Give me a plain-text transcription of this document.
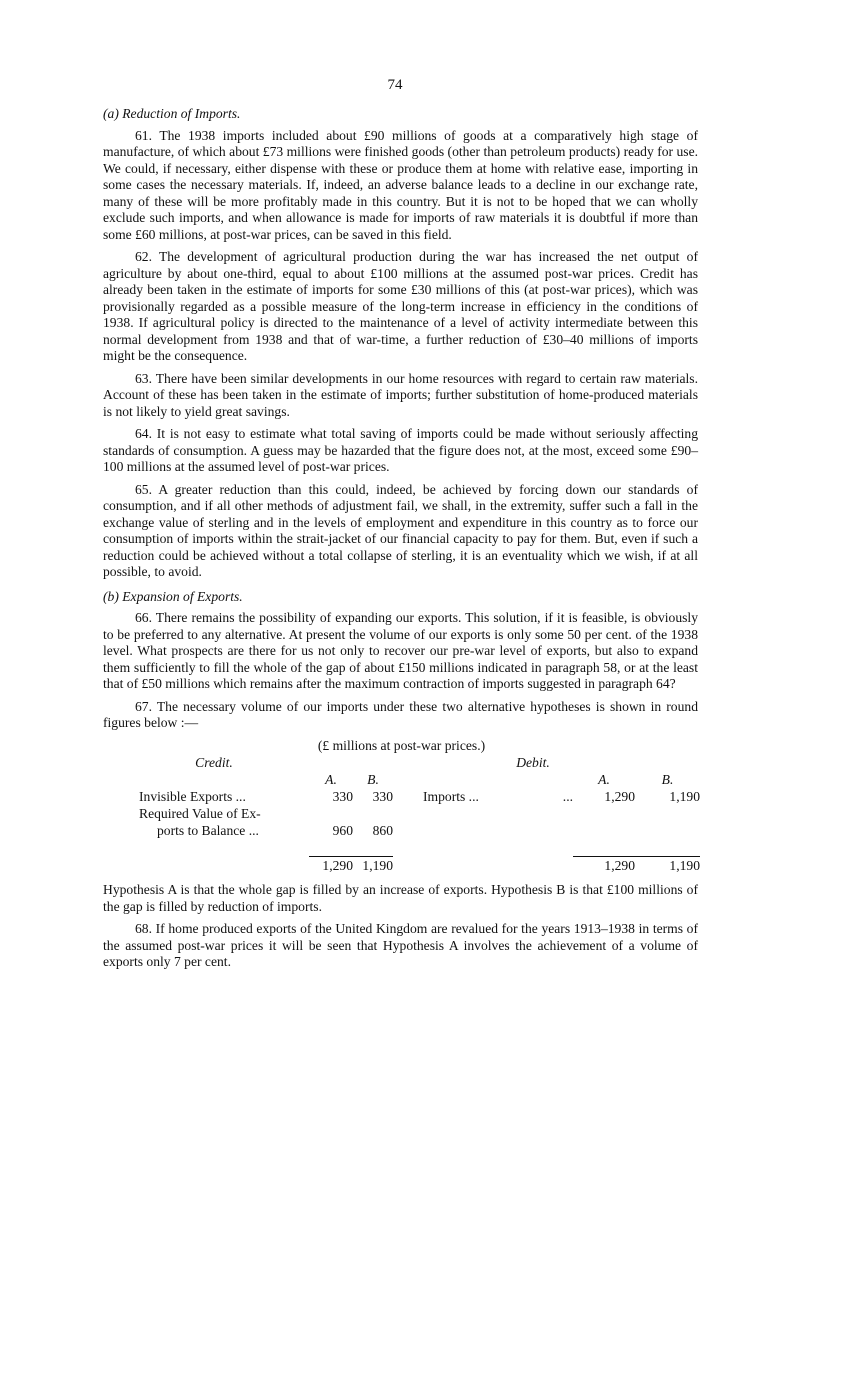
74
(a) Reduction of Imports.

61. The 1938 imports included about £90 millions of goods at a comparatively high stage of manufacture, of which about £73 millions were finished goods (other than petroleum products) ready for use. We could, if necessary, either dispense with these or produce them at home with relative ease, importing in some cases the necessary materials. If, indeed, an adverse balance leads to a decline in our exchange rate, many of these will be more profitably made in this country. But it is not to be hoped that we can wholly exclude such imports, and when allowance is made for imports of raw materials it is doubtful if more than some £60 millions, at post-war prices, can be saved in this field.

62. The development of agricultural production during the war has increased the net output of agriculture by about one-third, equal to about £100 millions at the assumed post-war prices. Credit has already been taken in the estimate of imports for some £30 millions of this (at post-war prices), which was provisionally regarded as a possible measure of the long-term increase in efficiency in the conditions of 1938. If agricultural policy is directed to the maintenance of a level of activity intermediate between this normal development from 1938 and that of war-time, a further reduction of £30–40 millions of imports might be the consequence.

63. There have been similar developments in our home resources with regard to certain raw materials. Account of these has been taken in the estimate of imports; further substitution of home-produced materials is not likely to yield great savings.

64. It is not easy to estimate what total saving of imports could be made without seriously affecting standards of consumption. A guess may be hazarded that the figure does not, at the most, exceed some £90–100 millions at the assumed level of post-war prices.

65. A greater reduction than this could, indeed, be achieved by forcing down our standards of consumption, and if all other methods of adjustment fail, we shall, in the extremity, suffer such a fall in the exchange value of sterling and in the levels of employment and expenditure in this country as to force our consumption of imports within the strait-jacket of our financial capacity to pay for them. But, even if such a reduction could be achieved without a total collapse of sterling, it is an eventuality which we wish, if at all possible, to avoid.

(b) Expansion of Exports.

66. There remains the possibility of expanding our exports. This solution, if it is feasible, is obviously to be preferred to any alternative. At present the volume of our exports is only some 50 per cent. of the 1938 level. What prospects are there for us not only to recover our pre-war level of exports, but also to expand them sufficiently to fill the whole of the gap of about £150 millions indicated in paragraph 58, or at the least that of £50 millions which remains after the maximum contraction of imports suggested in paragraph 64?

67. The necessary volume of our imports under these two alternative hypotheses is shown in round figures below :—

(£ millions at post-war prices.)							
	Credit.				Debit.		
		A.	B.			A.	B.
	Invisible Exports ...	330	330	Imports ...	...	1,290	1,190
	Required Value of Ex-						
	ports to Balance ...	960	860				

		1,290	1,190			1,290	1,190

Hypothesis A is that the whole gap is filled by an increase of exports. Hypothesis B is that £100 millions of the gap is filled by reduction of imports.

68. If home produced exports of the United Kingdom are revalued for the years 1913–1938 in terms of the assumed post-war prices it will be seen that Hypothesis A involves the achievement of a volume of exports only 7 per cent.
